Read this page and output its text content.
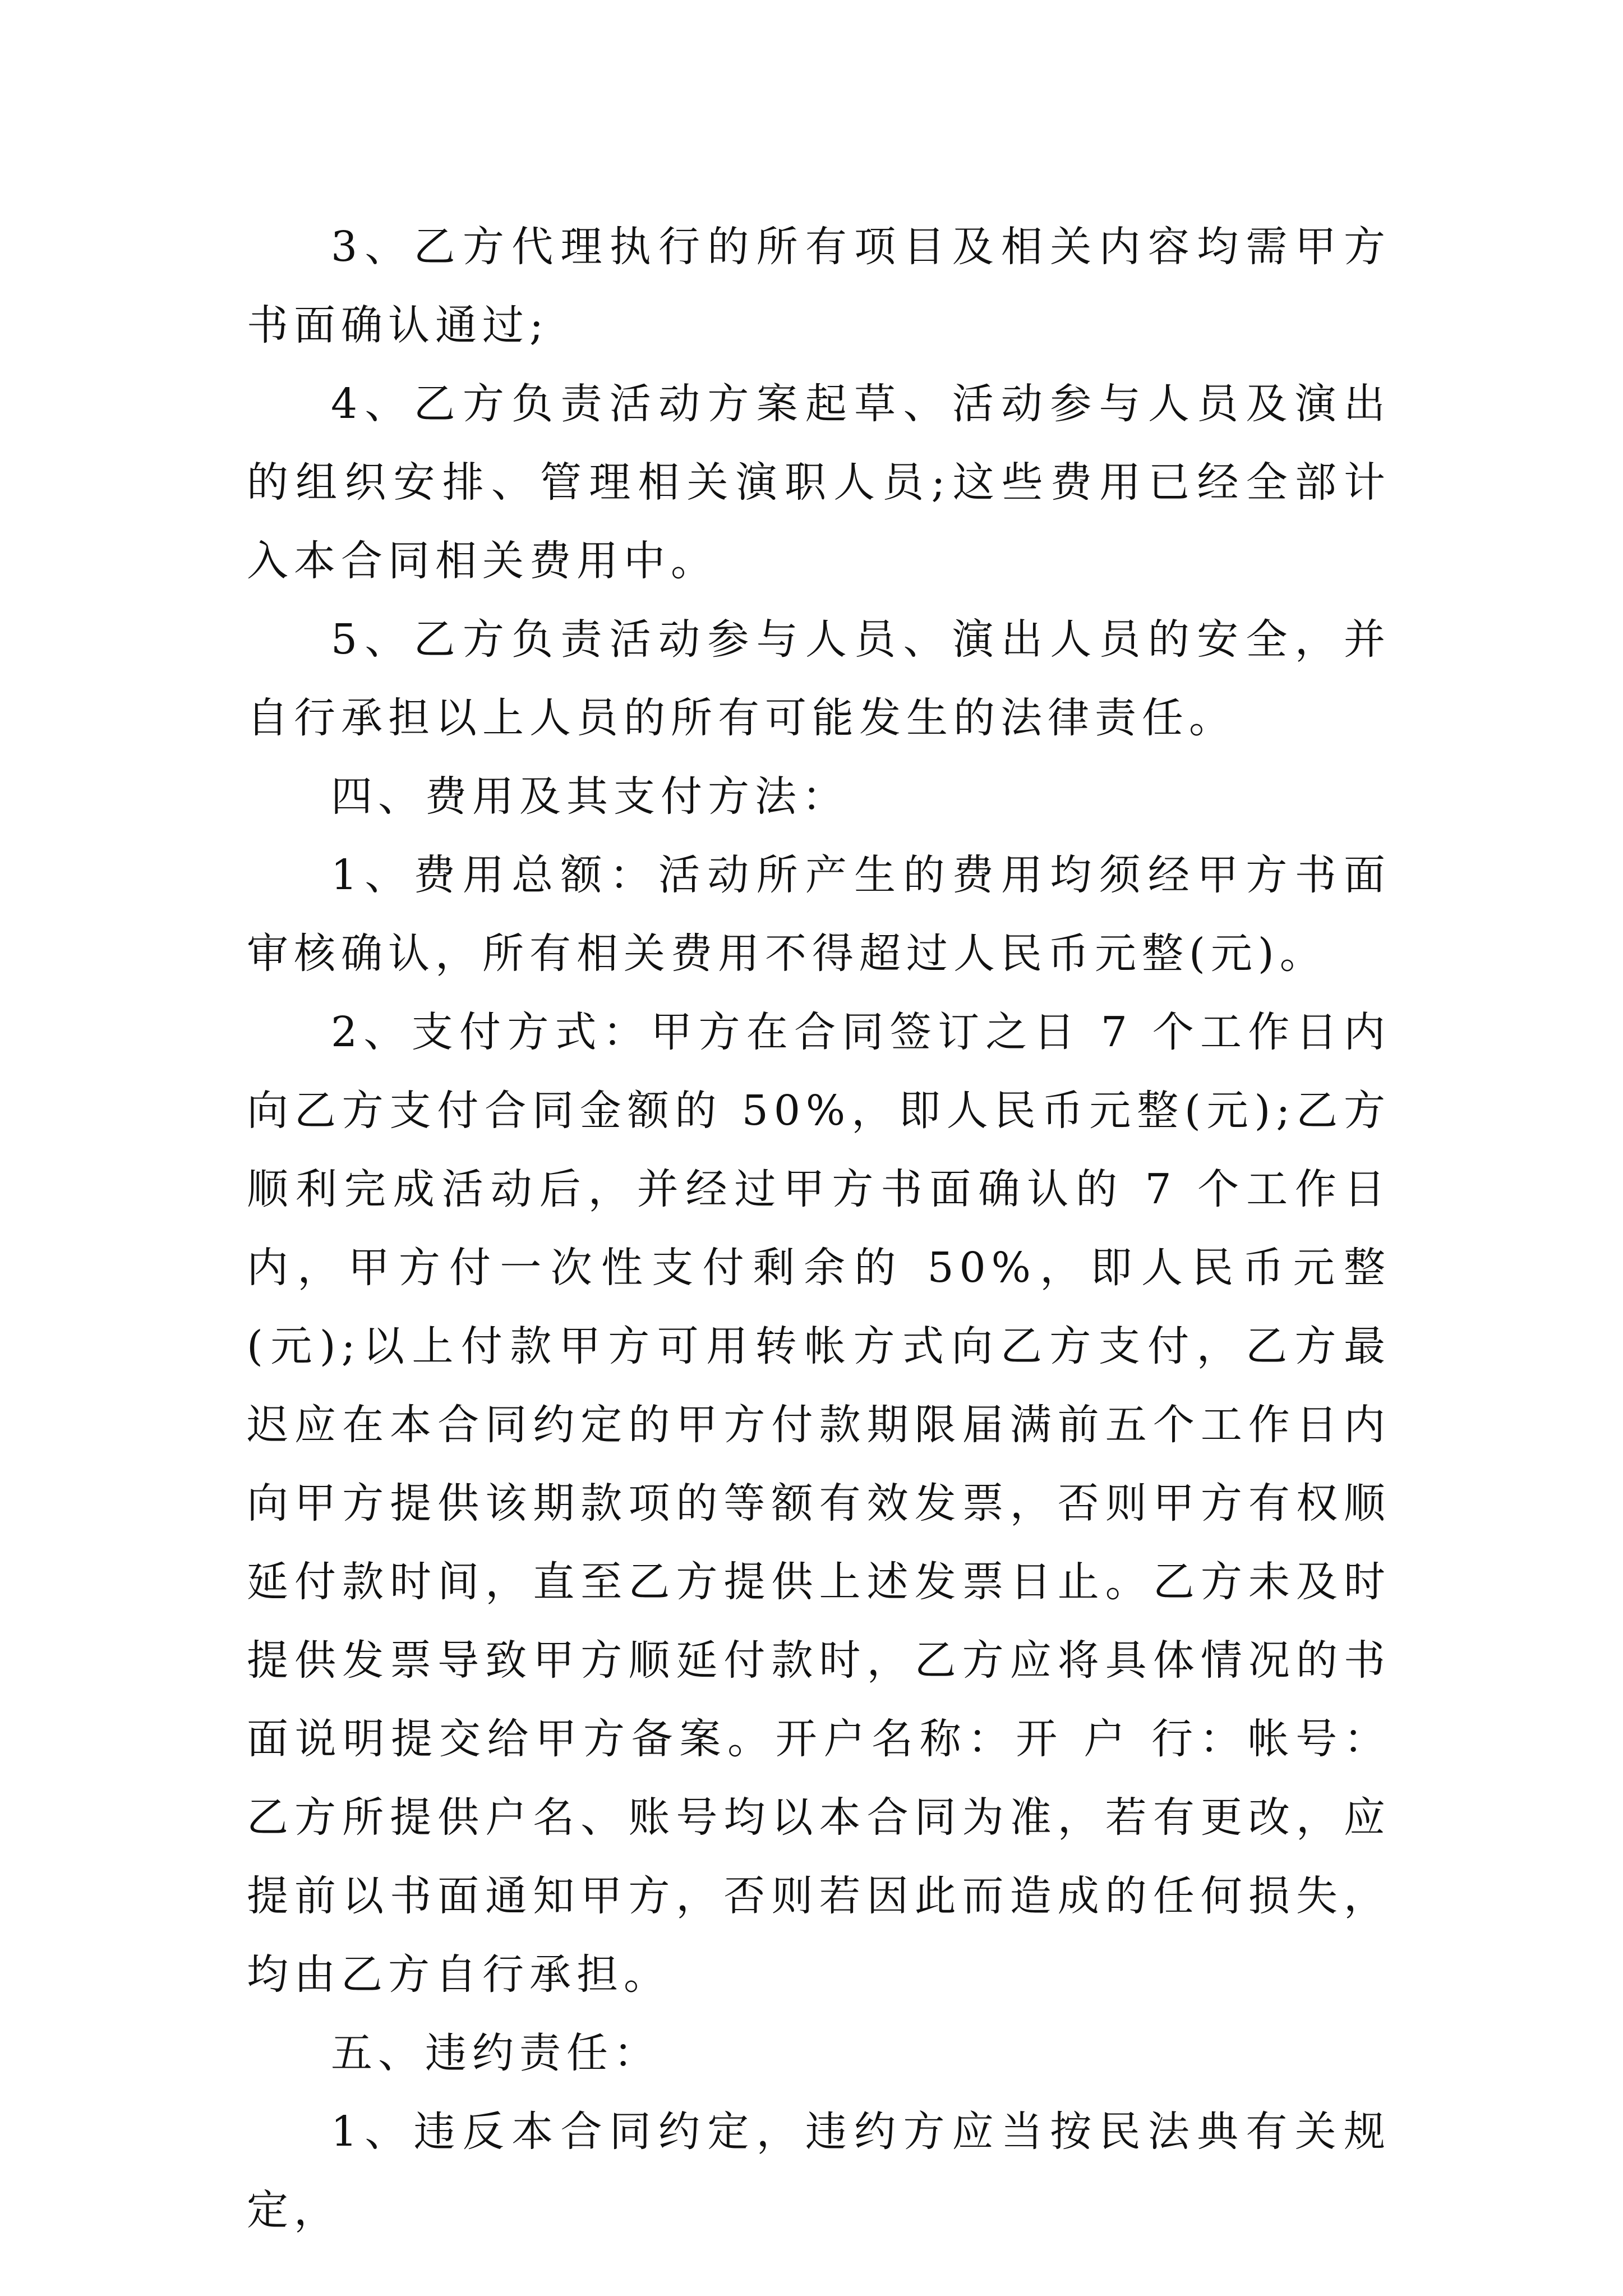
3、乙方代理执行的所有项目及相关内容均需甲方书面确认通过;

4、乙方负责活动方案起草、活动参与人员及演出的组织安排、管理相关演职人员;这些费用已经全部计入本合同相关费用中。

5、乙方负责活动参与人员、演出人员的安全，并自行承担以上人员的所有可能发生的法律责任。

四、费用及其支付方法：

1、费用总额：活动所产生的费用均须经甲方书面审核确认，所有相关费用不得超过人民币元整(元)。

2、支付方式：甲方在合同签订之日 7 个工作日内向乙方支付合同金额的 50%，即人民币元整(元);乙方顺利完成活动后，并经过甲方书面确认的 7 个工作日内，甲方付一次性支付剩余的 50%，即人民币元整(元);以上付款甲方可用转帐方式向乙方支付，乙方最迟应在本合同约定的甲方付款期限届满前五个工作日内向甲方提供该期款项的等额有效发票，否则甲方有权顺延付款时间，直至乙方提供上述发票日止。乙方未及时提供发票导致甲方顺延付款时，乙方应将具体情况的书面说明提交给甲方备案。开户名称：开 户 行：帐号：乙方所提供户名、账号均以本合同为准，若有更改，应提前以书面通知甲方，否则若因此而造成的任何损失，均由乙方自行承担。

五、违约责任：

1、违反本合同约定，违约方应当按民法典有关规定，
